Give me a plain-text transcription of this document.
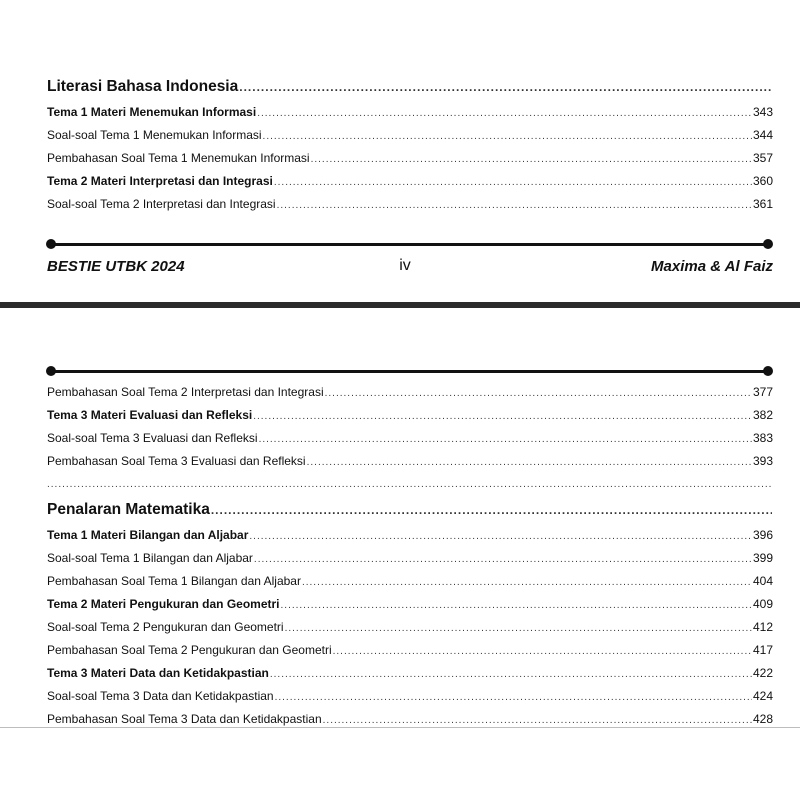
Literasi Bahasa Indonesia
.....
Tema 1 Materi Menemukan Informasi .....	343
Soal-soal Tema 1 Menemukan Informasi .....	344
Pembahasan Soal Tema 1 Menemukan Informasi .....	357
Tema 2 Materi Interpretasi dan Integrasi .....	360
Soal-soal Tema 2 Interpretasi dan Integrasi .....	361
BESTIE UTBK 2024	iv	Maxima & Al Faiz
Pembahasan Soal Tema 2 Interpretasi dan Integrasi .....	377
Tema 3 Materi Evaluasi dan Refleksi .....	382
Soal-soal Tema 3 Evaluasi dan Refleksi .....	383
Pembahasan Soal Tema 3 Evaluasi dan Refleksi .....	393
.....
Penalaran Matematika
.....
Tema 1 Materi Bilangan dan Aljabar .....	396
Soal-soal Tema 1 Bilangan dan Aljabar .....	399
Pembahasan Soal Tema 1 Bilangan dan Aljabar .....	404
Tema 2 Materi Pengukuran dan Geometri .....	409
Soal-soal Tema 2 Pengukuran dan Geometri .....	412
Pembahasan Soal Tema 2 Pengukuran dan Geometri .....	417
Tema 3 Materi Data dan Ketidakpastian .....	422
Soal-soal Tema 3 Data dan Ketidakpastian .....	424
Pembahasan Soal Tema 3 Data dan Ketidakpastian .....	428
